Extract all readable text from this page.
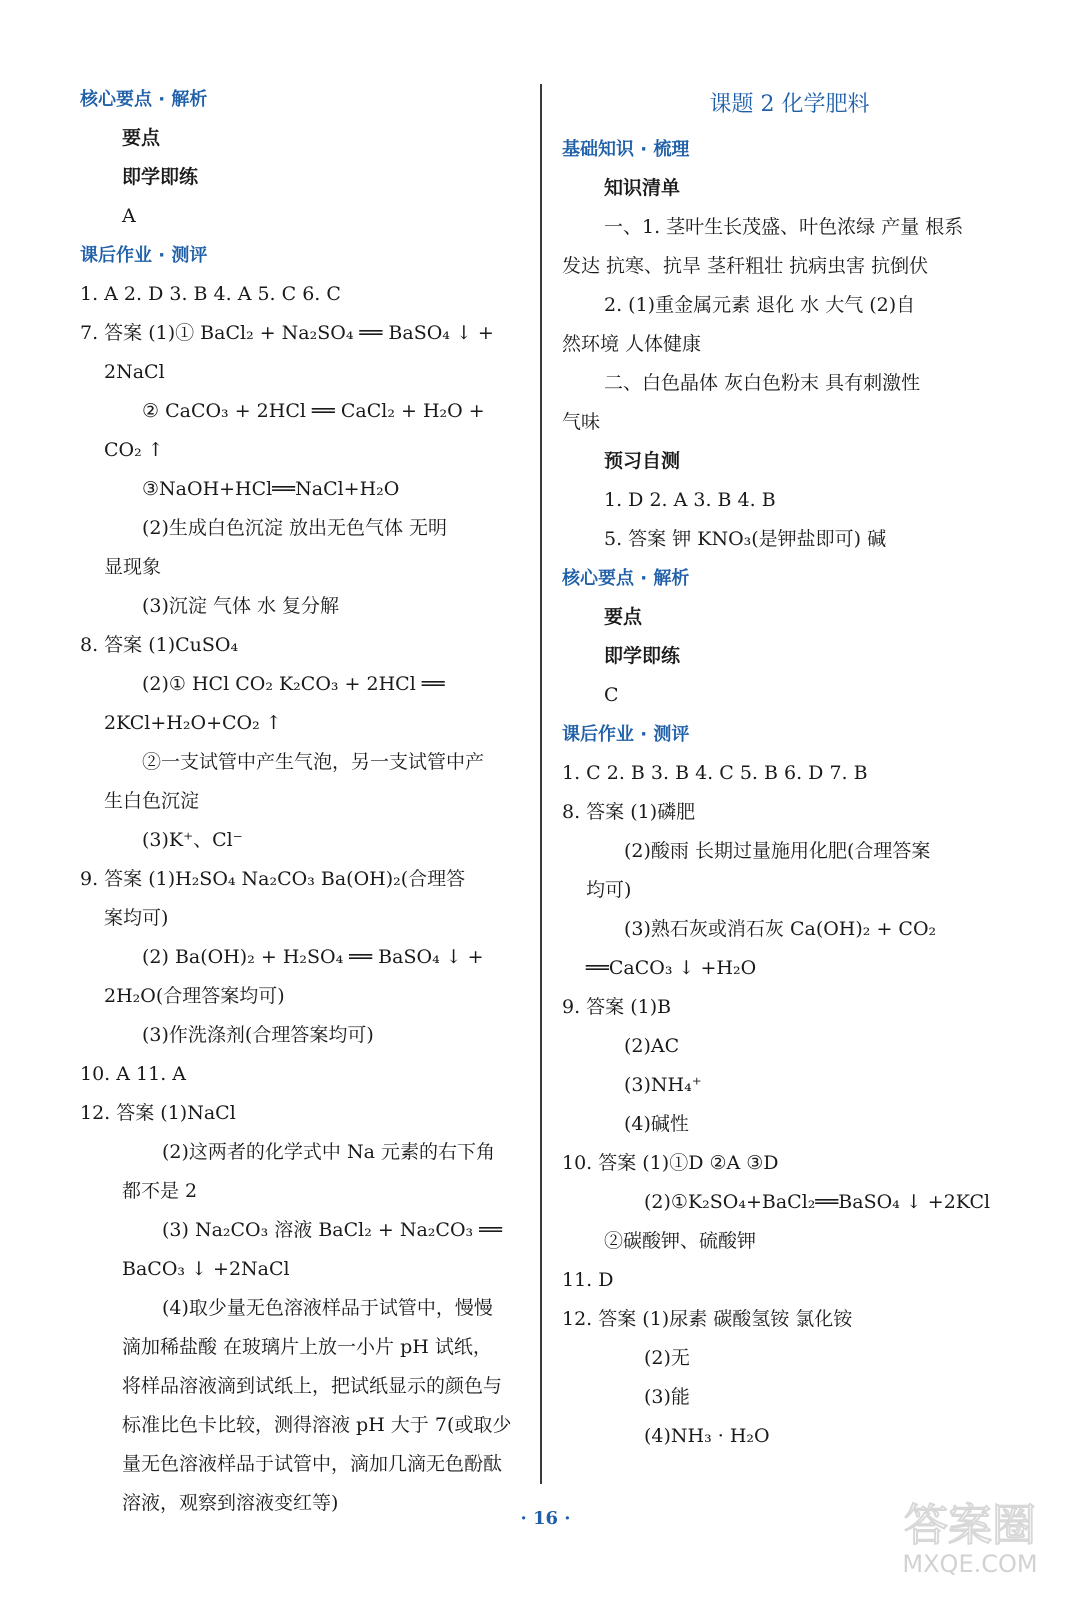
核心要点 · 解析
要点
即学即练
A
课后作业 · 测评
1. A 2. D 3. B 4. A 5. C 6. C
7. 答案 (1)① BaCl₂ + Na₂SO₄ ══ BaSO₄ ↓ +
2NaCl
② CaCO₃ + 2HCl ══ CaCl₂ + H₂O +
CO₂ ↑
③NaOH+HCl══NaCl+H₂O
(2)生成白色沉淀 放出无色气体 无明
显现象
(3)沉淀 气体 水 复分解
8. 答案 (1)CuSO₄
(2)① HCl CO₂ K₂CO₃ + 2HCl ══
2KCl+H₂O+CO₂ ↑
②一支试管中产生气泡，另一支试管中产
生白色沉淀
(3)K⁺、Cl⁻
9. 答案 (1)H₂SO₄ Na₂CO₃ Ba(OH)₂(合理答
案均可)
(2) Ba(OH)₂ + H₂SO₄ ══ BaSO₄ ↓ +
2H₂O(合理答案均可)
(3)作洗涤剂(合理答案均可)
10. A 11. A
12. 答案 (1)NaCl
(2)这两者的化学式中 Na 元素的右下角
都不是 2
(3) Na₂CO₃ 溶液 BaCl₂ + Na₂CO₃ ══
BaCO₃ ↓ +2NaCl
(4)取少量无色溶液样品于试管中，慢慢
滴加稀盐酸 在玻璃片上放一小片 pH 试纸，
将样品溶液滴到试纸上，把试纸显示的颜色与
标准比色卡比较，测得溶液 pH 大于 7(或取少
量无色溶液样品于试管中，滴加几滴无色酚酞
溶液，观察到溶液变红等)
课题 2 化学肥料
基础知识 · 梳理
知识清单
一、1. 茎叶生长茂盛、叶色浓绿 产量 根系
发达 抗寒、抗旱 茎秆粗壮 抗病虫害 抗倒伏
2. (1)重金属元素 退化 水 大气 (2)自
然环境 人体健康
二、白色晶体 灰白色粉末 具有刺激性
气味
预习自测
1. D 2. A 3. B 4. B
5. 答案 钾 KNO₃(是钾盐即可) 碱
核心要点 · 解析
要点
即学即练
C
课后作业 · 测评
1. C 2. B 3. B 4. C 5. B 6. D 7. B
8. 答案 (1)磷肥
(2)酸雨 长期过量施用化肥(合理答案
均可)
(3)熟石灰或消石灰 Ca(OH)₂ + CO₂
══CaCO₃ ↓ +H₂O
9. 答案 (1)B
(2)AC
(3)NH₄⁺
(4)碱性
10. 答案 (1)①D ②A ③D
(2)①K₂SO₄+BaCl₂══BaSO₄ ↓ +2KCl
②碳酸钾、硫酸钾
11. D
12. 答案 (1)尿素 碳酸氢铵 氯化铵
(2)无
(3)能
(4)NH₃ · H₂O
· 16 ·	答案圈
MXQE.COM
